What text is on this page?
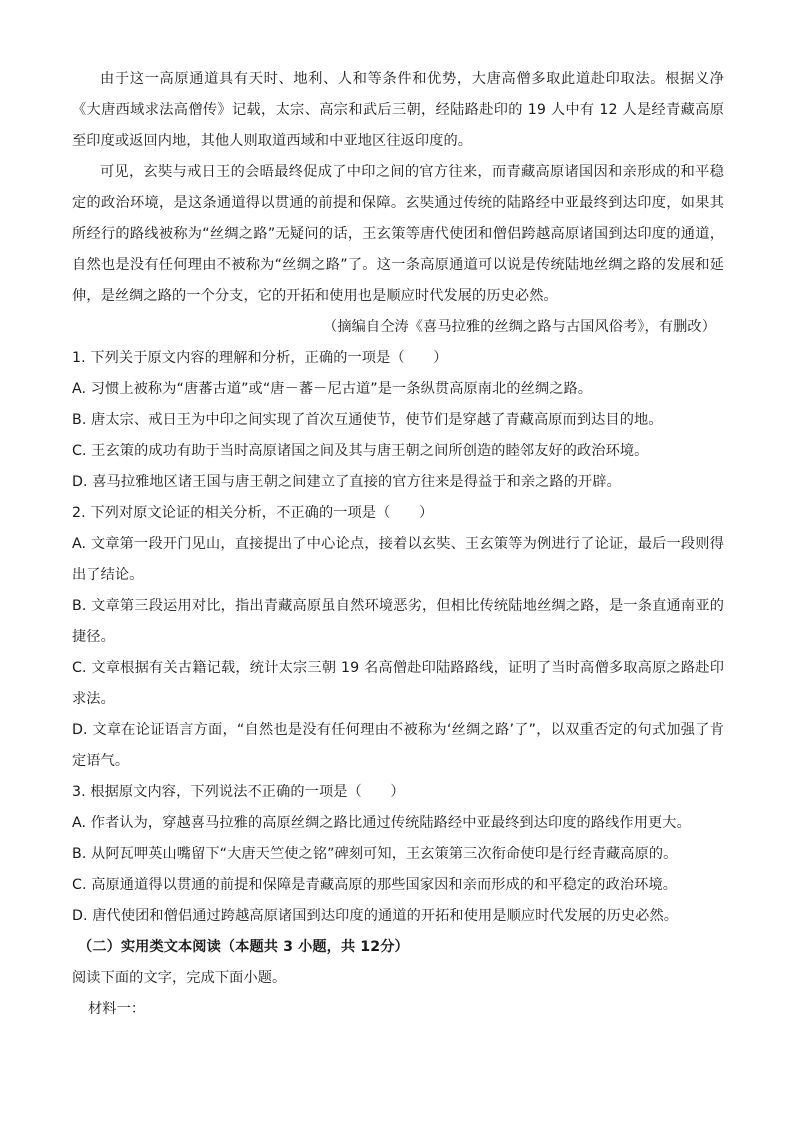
由于这一高原通道具有天时、地利、人和等条件和优势，大唐高僧多取此道赴印取法。根据义净《大唐西域求法高僧传》记载，太宗、高宗和武后三朝，经陆路赴印的 19 人中有 12 人是经青藏高原至印度或返回内地，其他人则取道西域和中亚地区往返印度的。

可见，玄奘与戒日王的会晤最终促成了中印之间的官方往来，而青藏高原诸国因和亲形成的和平稳定的政治环境，是这条通道得以贯通的前提和保障。玄奘通过传统的陆路经中亚最终到达印度，如果其所经行的路线被称为“丝绸之路”无疑问的话，王玄策等唐代使团和僧侣跨越高原诸国到达印度的通道，自然也是没有任何理由不被称为“丝绸之路”了。这一条高原通道可以说是传统陆地丝绸之路的发展和延伸，是丝绸之路的一个分支，它的开拓和使用也是顺应时代发展的历史必然。

（摘编自仝涛《喜马拉雅的丝绸之路与古国风俗考》，有删改）

1. 下列关于原文内容的理解和分析，正确的一项是（　　）

A. 习惯上被称为“唐蕃古道”或“唐－蕃－尼古道”是一条纵贯高原南北的丝绸之路。

B. 唐太宗、戒日王为中印之间实现了首次互通使节，使节们是穿越了青藏高原而到达目的地。

C. 王玄策的成功有助于当时高原诸国之间及其与唐王朝之间所创造的睦邻友好的政治环境。

D. 喜马拉雅地区诸王国与唐王朝之间建立了直接的官方往来是得益于和亲之路的开辟。

2. 下列对原文论证的相关分析，不正确的一项是（　　）

A. 文章第一段开门见山，直接提出了中心论点，接着以玄奘、王玄策等为例进行了论证，最后一段则得出了结论。

B. 文章第三段运用对比，指出青藏高原虽自然环境恶劣，但相比传统陆地丝绸之路，是一条直通南亚的捷径。

C. 文章根据有关古籍记载，统计太宗三朝 19 名高僧赴印陆路路线，证明了当时高僧多取高原之路赴印求法。

D. 文章在论证语言方面，“自然也是没有任何理由不被称为‘丝绸之路’了”，以双重否定的句式加强了肯定语气。

3. 根据原文内容，下列说法不正确的一项是（　　）

A. 作者认为，穿越喜马拉雅的高原丝绸之路比通过传统陆路经中亚最终到达印度的路线作用更大。

B. 从阿瓦呷英山嘴留下“大唐天竺使之铭”碑刻可知，王玄策第三次衔命使印是行经青藏高原的。

C. 高原通道得以贯通的前提和保障是青藏高原的那些国家因和亲而形成的和平稳定的政治环境。

D. 唐代使团和僧侣通过跨越高原诸国到达印度的通道的开拓和使用是顺应时代发展的历史必然。

（二）实用类文本阅读（本题共 3 小题，共 12分）

阅读下面的文字，完成下面小题。

材料一：
